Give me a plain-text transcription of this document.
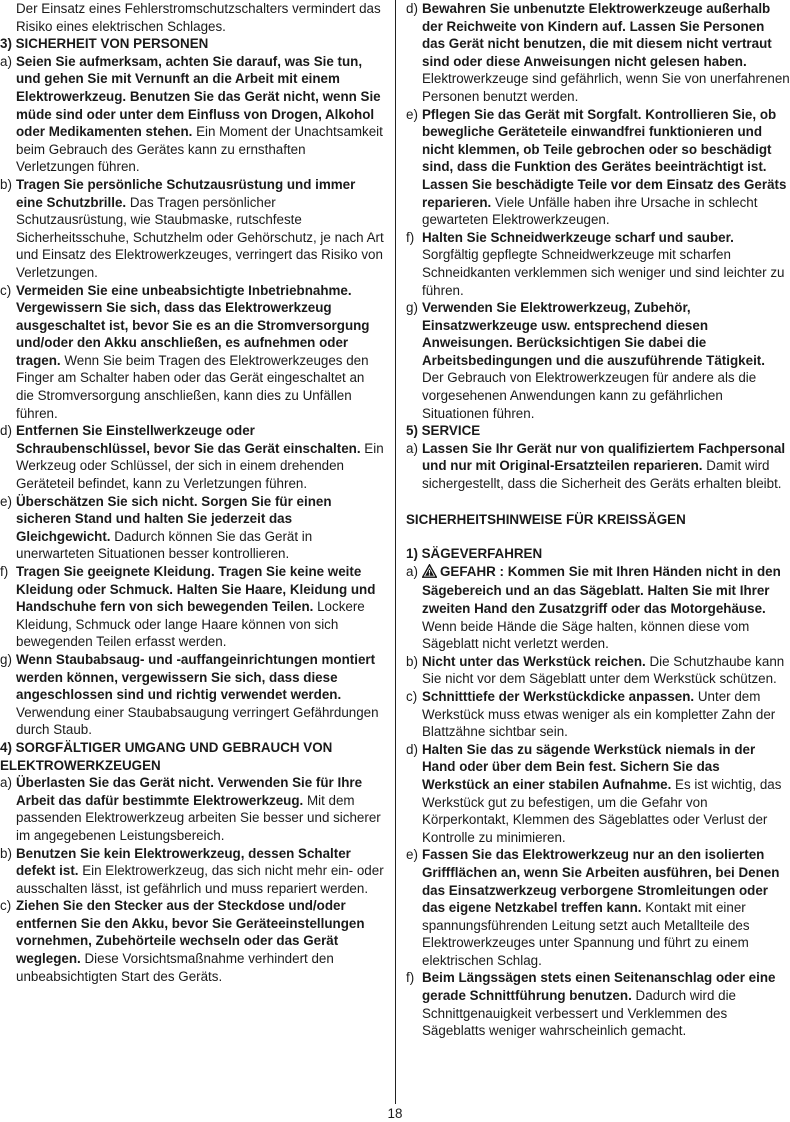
Der Einsatz eines Fehlerstromschutzschalters vermindert das Risiko eines elektrischen Schlages.
3) SICHERHEIT VON PERSONEN
a) Seien Sie aufmerksam, achten Sie darauf, was Sie tun, und gehen Sie mit Vernunft an die Arbeit mit einem Elektrowerkzeug. Benutzen Sie das Gerät nicht, wenn Sie müde sind oder unter dem Einfluss von Drogen, Alkohol oder Medikamenten stehen. Ein Moment der Unachtsamkeit beim Gebrauch des Gerätes kann zu ernsthaften Verletzungen führen.
b) Tragen Sie persönliche Schutzausrüstung und immer eine Schutzbrille. Das Tragen persönlicher Schutzausrüstung, wie Staubmaske, rutschfeste Sicherheitsschuhe, Schutzhelm oder Gehörschutz, je nach Art und Einsatz des Elektrowerkzeuges, verringert das Risiko von Verletzungen.
c) Vermeiden Sie eine unbeabsichtigte Inbetriebnahme. Vergewissern Sie sich, dass das Elektrowerkzeug ausgeschaltet ist, bevor Sie es an die Stromversorgung und/oder den Akku anschließen, es aufnehmen oder tragen. Wenn Sie beim Tragen des Elektrowerkzeuges den Finger am Schalter haben oder das Gerät eingeschaltet an die Stromversorgung anschließen, kann dies zu Unfällen führen.
d) Entfernen Sie Einstellwerkzeuge oder Schraubenschlüssel, bevor Sie das Gerät einschalten. Ein Werkzeug oder Schlüssel, der sich in einem drehenden Geräteteil befindet, kann zu Verletzungen führen.
e) Überschätzen Sie sich nicht. Sorgen Sie für einen sicheren Stand und halten Sie jederzeit das Gleichgewicht. Dadurch können Sie das Gerät in unerwarteten Situationen besser kontrollieren.
f) Tragen Sie geeignete Kleidung. Tragen Sie keine weite Kleidung oder Schmuck. Halten Sie Haare, Kleidung und Handschuhe fern von sich bewegenden Teilen. Lockere Kleidung, Schmuck oder lange Haare können von sich bewegenden Teilen erfasst werden.
g) Wenn Staubabsaug- und -auffangeinrichtungen montiert werden können, vergewissern Sie sich, dass diese angeschlossen sind und richtig verwendet werden. Verwendung einer Staubabsaugung verringert Gefährdungen durch Staub.
4) SORGFÄLTIGER UMGANG UND GEBRAUCH VON ELEKTROWERKZEUGEN
a) Überlasten Sie das Gerät nicht. Verwenden Sie für Ihre Arbeit das dafür bestimmte Elektrowerkzeug. Mit dem passenden Elektrowerkzeug arbeiten Sie besser und sicherer im angegebenen Leistungsbereich.
b) Benutzen Sie kein Elektrowerkzeug, dessen Schalter defekt ist. Ein Elektrowerkzeug, das sich nicht mehr ein- oder ausschalten lässt, ist gefährlich und muss repariert werden.
c) Ziehen Sie den Stecker aus der Steckdose und/oder entfernen Sie den Akku, bevor Sie Geräteeinstellungen vornehmen, Zubehörteile wechseln oder das Gerät weglegen. Diese Vorsichtsmaßnahme verhindert den unbeabsichtigten Start des Geräts.
d) Bewahren Sie unbenutzte Elektrowerkzeuge außerhalb der Reichweite von Kindern auf. Lassen Sie Personen das Gerät nicht benutzen, die mit diesem nicht vertraut sind oder diese Anweisungen nicht gelesen haben. Elektrowerkzeuge sind gefährlich, wenn Sie von unerfahrenen Personen benutzt werden.
e) Pflegen Sie das Gerät mit Sorgfalt. Kontrollieren Sie, ob bewegliche Geräteteile einwandfrei funktionieren und nicht klemmen, ob Teile gebrochen oder so beschädigt sind, dass die Funktion des Gerätes beeinträchtigt ist. Lassen Sie beschädigte Teile vor dem Einsatz des Geräts reparieren. Viele Unfälle haben ihre Ursache in schlecht gewarteten Elektrowerkzeugen.
f) Halten Sie Schneidwerkzeuge scharf und sauber. Sorgfältig gepflegte Schneidwerkzeuge mit scharfen Schneidkanten verklemmen sich weniger und sind leichter zu führen.
g) Verwenden Sie Elektrowerkzeug, Zubehör, Einsatzwerkzeuge usw. entsprechend diesen Anweisungen. Berücksichtigen Sie dabei die Arbeitsbedingungen und die auszuführende Tätigkeit. Der Gebrauch von Elektrowerkzeugen für andere als die vorgesehenen Anwendungen kann zu gefährlichen Situationen führen.
5) SERVICE
a) Lassen Sie Ihr Gerät nur von qualifiziertem Fachpersonal und nur mit Original-Ersatzteilen reparieren. Damit wird sichergestellt, dass die Sicherheit des Geräts erhalten bleibt.
SICHERHEITSHINWEISE FÜR KREISSÄGEN
1) SÄGEVERFAHREN
a)	GEFAHR : Kommen Sie mit Ihren Händen nicht in den Sägebereich und an das Sägeblatt. Halten Sie mit Ihrer zweiten Hand den Zusatzgriff oder das Motorgehäuse. Wenn beide Hände die Säge halten, können diese vom Sägeblatt nicht verletzt werden.
b) Nicht unter das Werkstück reichen. Die Schutzhaube kann Sie nicht vor dem Sägeblatt unter dem Werkstück schützen.
c) Schnitttiefe der Werkstückdicke anpassen. Unter dem Werkstück muss etwas weniger als ein kompletter Zahn der Blattzähne sichtbar sein.
d) Halten Sie das zu sägende Werkstück niemals in der Hand oder über dem Bein fest. Sichern Sie das Werkstück an einer stabilen Aufnahme. Es ist wichtig, das Werkstück gut zu befestigen, um die Gefahr von Körperkontakt, Klemmen des Sägeblattes oder Verlust der Kontrolle zu minimieren.
e) Fassen Sie das Elektrowerkzeug nur an den isolierten Griffflächen an, wenn Sie Arbeiten ausführen, bei Denen das Einsatzwerkzeug verborgene Stromleitungen oder das eigene Netzkabel treffen kann. Kontakt mit einer spannungsführenden Leitung setzt auch Metallteile des Elektrowerkzeuges unter Spannung und führt zu einem elektrischen Schlag.
f) Beim Längssägen stets einen Seitenanschlag oder eine gerade Schnittführung benutzen. Dadurch wird die Schnittgenauigkeit verbessert und Verklemmen des Sägeblatts weniger wahrscheinlich gemacht.
18
